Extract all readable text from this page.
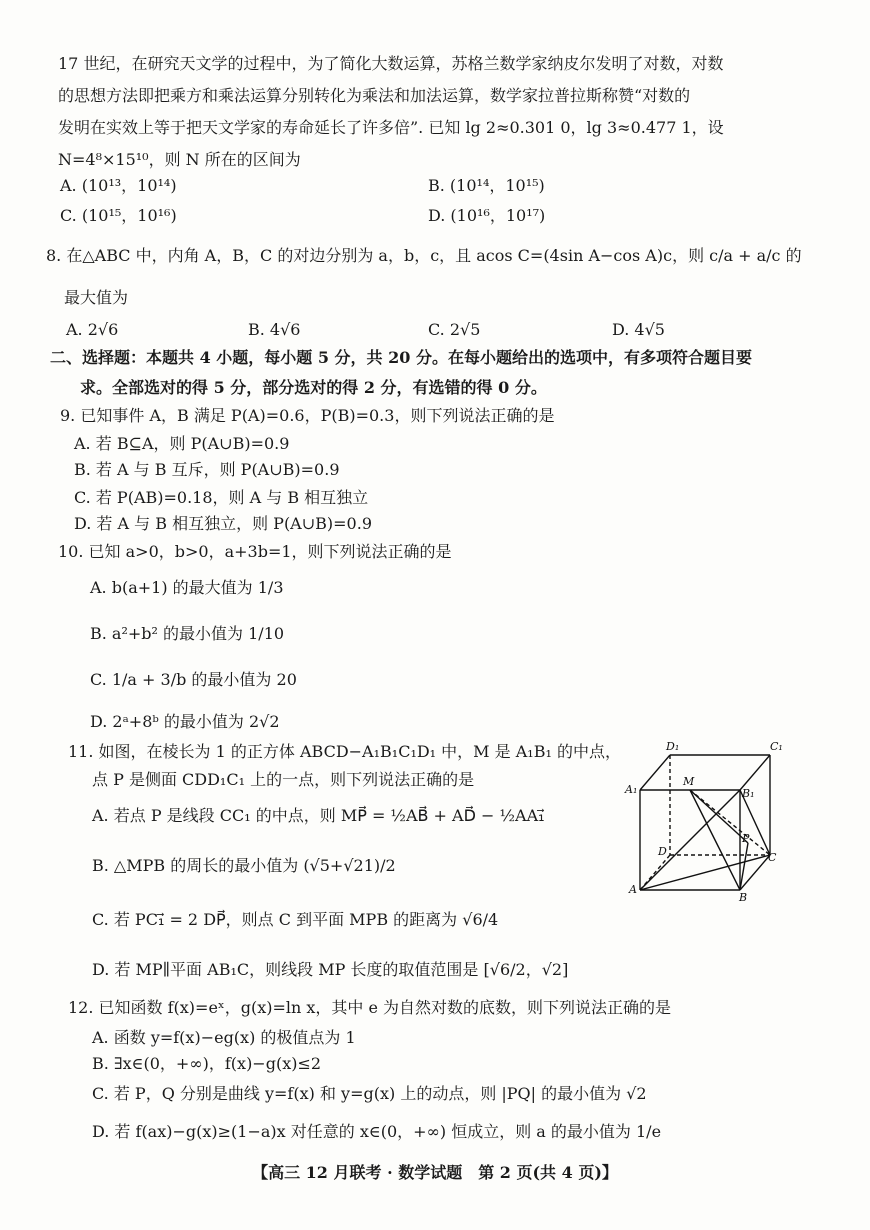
17 世纪，在研究天文学的过程中，为了简化大数运算，苏格兰数学家纳皮尔发明了对数，对数
的思想方法即把乘方和乘法运算分别转化为乘法和加法运算，数学家拉普拉斯称赞“对数的
发明在实效上等于把天文学家的寿命延长了许多倍”. 已知 lg 2≈0.301 0，lg 3≈0.477 1，设
N=4⁸×15¹⁰，则 N 所在的区间为
A. (10¹³，10¹⁴)	B. (10¹⁴，10¹⁵)
C. (10¹⁵，10¹⁶)	D. (10¹⁶，10¹⁷)
8. 在△ABC 中，内角 A，B，C 的对边分别为 a，b，c，且 acos C=(4sin A−cos A)c，则 c/a + a/c 的
最大值为
A. 2√6	B. 4√6	C. 2√5	D. 4√5
二、选择题：本题共 4 小题，每小题 5 分，共 20 分。在每小题给出的选项中，有多项符合题目要
求。全部选对的得 5 分，部分选对的得 2 分，有选错的得 0 分。
9. 已知事件 A，B 满足 P(A)=0.6，P(B)=0.3，则下列说法正确的是
A. 若 B⊆A，则 P(A∪B)=0.9
B. 若 A 与 B 互斥，则 P(A∪B)=0.9
C. 若 P(AB)=0.18，则 A 与 B 相互独立
D. 若 A 与 B 相互独立，则 P(A∪B)=0.9
10. 已知 a>0，b>0，a+3b=1，则下列说法正确的是
A. b(a+1) 的最大值为 1/3
B. a²+b² 的最小值为 1/10
C. 1/a + 3/b 的最小值为 20
D. 2ᵃ+8ᵇ 的最小值为 2√2
11. 如图，在棱长为 1 的正方体 ABCD−A₁B₁C₁D₁ 中，M 是 A₁B₁ 的中点，
点 P 是侧面 CDD₁C₁ 上的一点，则下列说法正确的是
A. 若点 P 是线段 CC₁ 的中点，则 MP⃗ = ½AB⃗ + AD⃗ − ½AA₁⃗
B. △MPB 的周长的最小值为 (√5+√21)/2
C. 若 PC₁⃗ = 2 DP⃗，则点 C 到平面 MPB 的距离为 √6/4
D. 若 MP∥平面 AB₁C，则线段 MP 长度的取值范围是 [√6/2，√2]
D₁	C₁
A₁	B₁
M
P
D	C
A
B
12. 已知函数 f(x)=eˣ，g(x)=ln x，其中 e 为自然对数的底数，则下列说法正确的是
A. 函数 y=f(x)−eg(x) 的极值点为 1
B. ∃x∈(0，+∞)，f(x)−g(x)≤2
C. 若 P，Q 分别是曲线 y=f(x) 和 y=g(x) 上的动点，则 |PQ| 的最小值为 √2
D. 若 f(ax)−g(x)≥(1−a)x 对任意的 x∈(0，+∞) 恒成立，则 a 的最小值为 1/e
【高三 12 月联考 · 数学试题　第 2 页(共 4 页)】
